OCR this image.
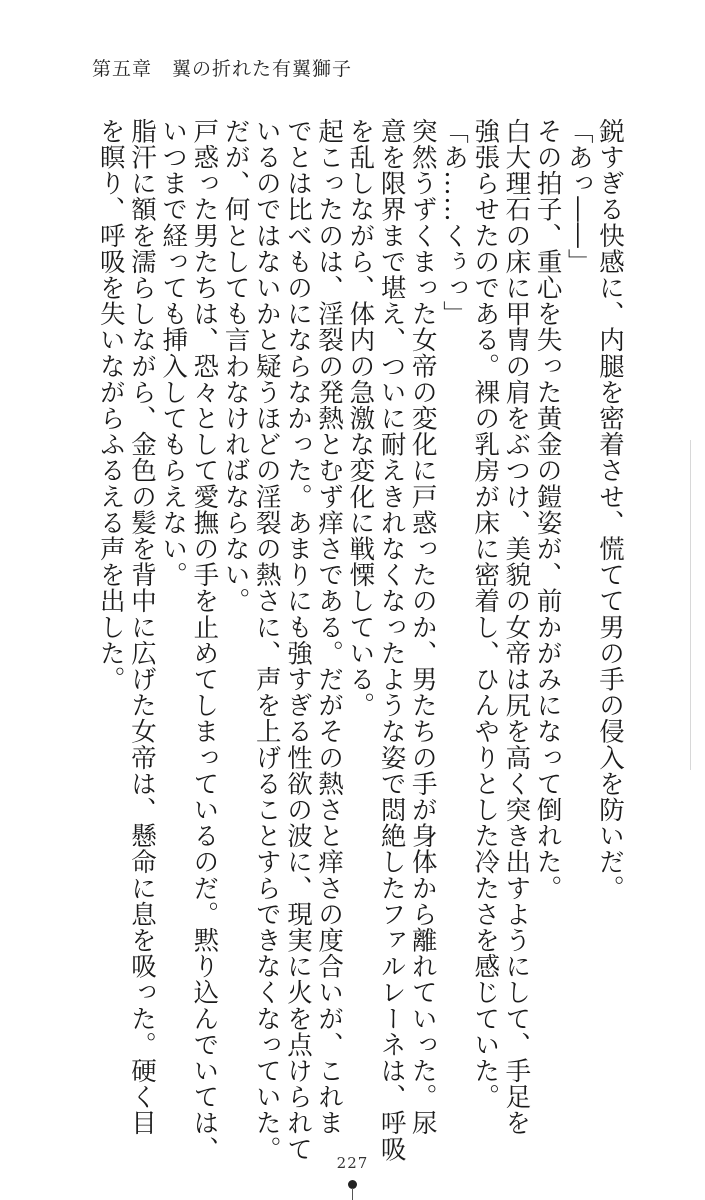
第五章 翼の折れた有翼獅子
鋭すぎる快感に、内腿を密着させ、慌てて男の手の侵入を防いだ。
「あっ――」
その拍子、重心を失った黄金の鎧姿が、前かがみになって倒れた。
白大理石の床に甲冑の肩をぶつけ、美貌の女帝は尻を高く突き出すようにして、手足を
強張らせたのである。裸の乳房が床に密着し、ひんやりとした冷たさを感じていた。
「あ……くぅっ」
突然うずくまった女帝の変化に戸惑ったのか、男たちの手が身体から離れていった。尿
意を限界まで堪え、ついに耐えきれなくなったような姿で悶絶したファルレーネは、呼吸
を乱しながら、体内の急激な変化に戦慄している。
起こったのは、淫裂の発熱とむず痒さである。だがその熱さと痒さの度合いが、これま
でとは比べものにならなかった。あまりにも強すぎる性欲の波に、現実に火を点けられて
いるのではないかと疑うほどの淫裂の熱さに、声を上げることすらできなくなっていた。
だが、何としても言わなければならない。
戸惑った男たちは、恐々として愛撫の手を止めてしまっているのだ。黙り込んでいては、
いつまで経っても挿入してもらえない。
脂汗に額を濡らしながら、金色の髪を背中に広げた女帝は、懸命に息を吸った。硬く目
を瞑り、呼吸を失いながらふるえる声を出した。
227
